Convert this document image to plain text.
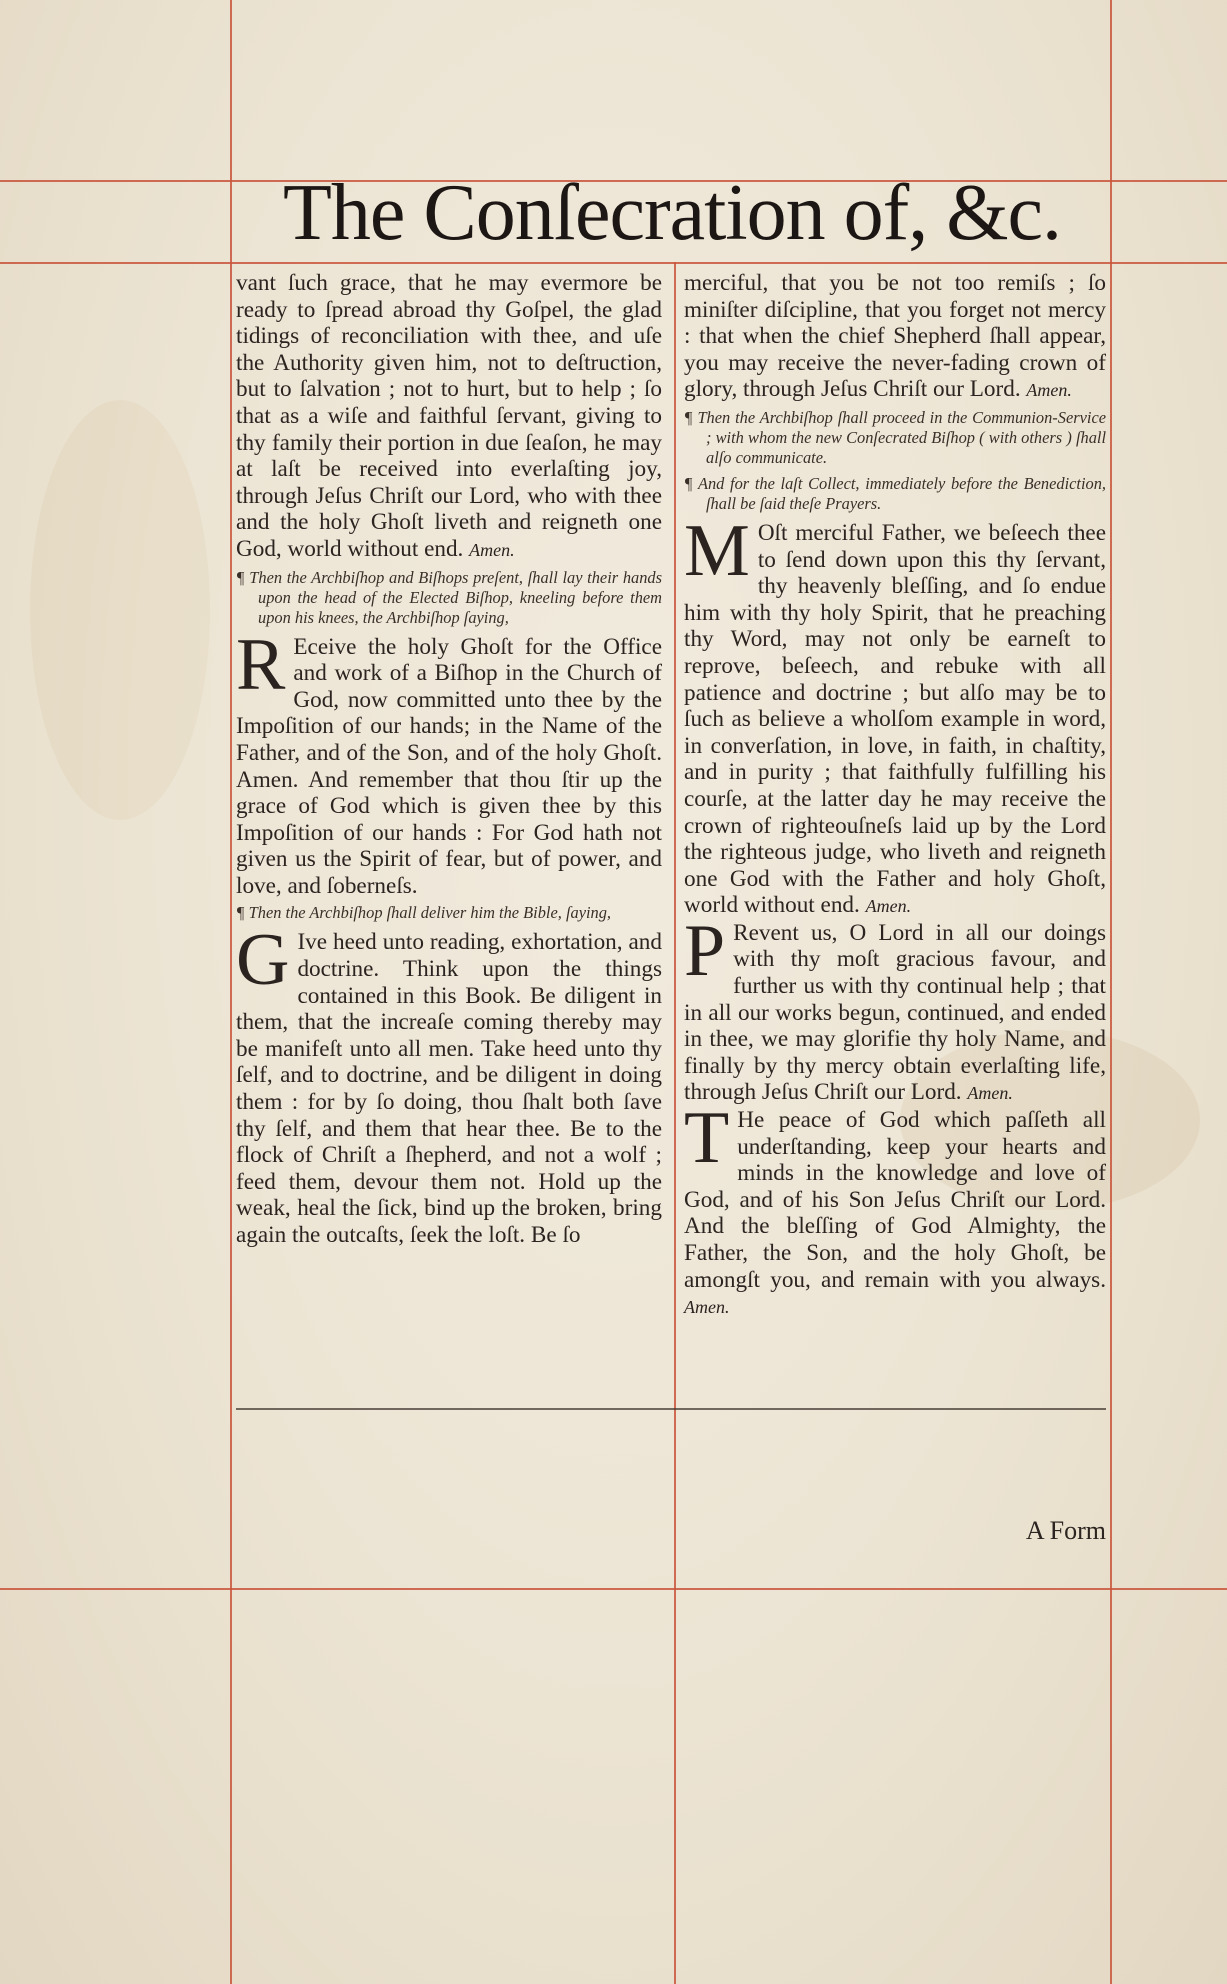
The Conſecration of, &c.

vant ſuch grace, that he may evermore be ready to ſpread abroad thy Goſpel, the glad tidings of reconciliation with thee, and uſe the Authority given him, not to deſtruction, but to ſalvation ; not to hurt, but to help ; ſo that as a wiſe and faithful ſervant, giving to thy family their portion in due ſeaſon, he may at laſt be received into everlaſting joy, through Jeſus Chriſt our Lord, who with thee and the holy Ghoſt liveth and reigneth one God, world without end. Amen.

¶ Then the Archbiſhop and Biſhops preſent, ſhall lay their hands upon the head of the Elected Biſhop, kneeling before them upon his knees, the Archbiſhop ſaying,

R Eceive the holy Ghoſt for the Office and work of a Biſhop in the Church of God, now committed unto thee by the Impoſition of our hands; in the Name of the Father, and of the Son, and of the holy Ghoſt. Amen. And remember that thou ſtir up the grace of God which is given thee by this Impoſition of our hands : For God hath not given us the Spirit of fear, but of power, and love, and ſoberneſs.

¶ Then the Archbiſhop ſhall deliver him the Bible, ſaying,

G Ive heed unto reading, exhortation, and doctrine. Think upon the things contained in this Book. Be diligent in them, that the increaſe coming thereby may be manifeſt unto all men. Take heed unto thy ſelf, and to doctrine, and be diligent in doing them : for by ſo doing, thou ſhalt both ſave thy ſelf, and them that hear thee. Be to the flock of Chriſt a ſhepherd, and not a wolf ; feed them, devour them not. Hold up the weak, heal the ſick, bind up the broken, bring again the outcaſts, ſeek the loſt. Be ſo

merciful, that you be not too remiſs ; ſo miniſter diſcipline, that you forget not mercy : that when the chief Shepherd ſhall appear, you may receive the never-fading crown of glory, through Jeſus Chriſt our Lord. Amen.

¶ Then the Archbiſhop ſhall proceed in the Communion-Service ; with whom the new Conſecrated Biſhop ( with others ) ſhall alſo communicate.

¶ And for the laſt Collect, immediately before the Benediction, ſhall be ſaid theſe Prayers.

M Oſt merciful Father, we beſeech thee to ſend down upon this thy ſervant, thy heavenly bleſſing, and ſo endue him with thy holy Spirit, that he preaching thy Word, may not only be earneſt to reprove, beſeech, and rebuke with all patience and doctrine ; but alſo may be to ſuch as believe a wholſom example in word, in converſation, in love, in faith, in chaſtity, and in purity ; that faithfully fulfilling his courſe, at the latter day he may receive the crown of righteouſneſs laid up by the Lord the righteous judge, who liveth and reigneth one God with the Father and holy Ghoſt, world without end. Amen.

P Revent us, O Lord in all our doings with thy moſt gracious favour, and further us with thy continual help ; that in all our works begun, continued, and ended in thee, we may glorifie thy holy Name, and finally by thy mercy obtain everlaſting life, through Jeſus Chriſt our Lord. Amen.

T He peace of God which paſſeth all underſtanding, keep your hearts and minds in the knowledge and love of God, and of his Son Jeſus Chriſt our Lord. And the bleſſing of God Almighty, the Father, the Son, and the holy Ghoſt, be amongſt you, and remain with you always. Amen.

A Form
